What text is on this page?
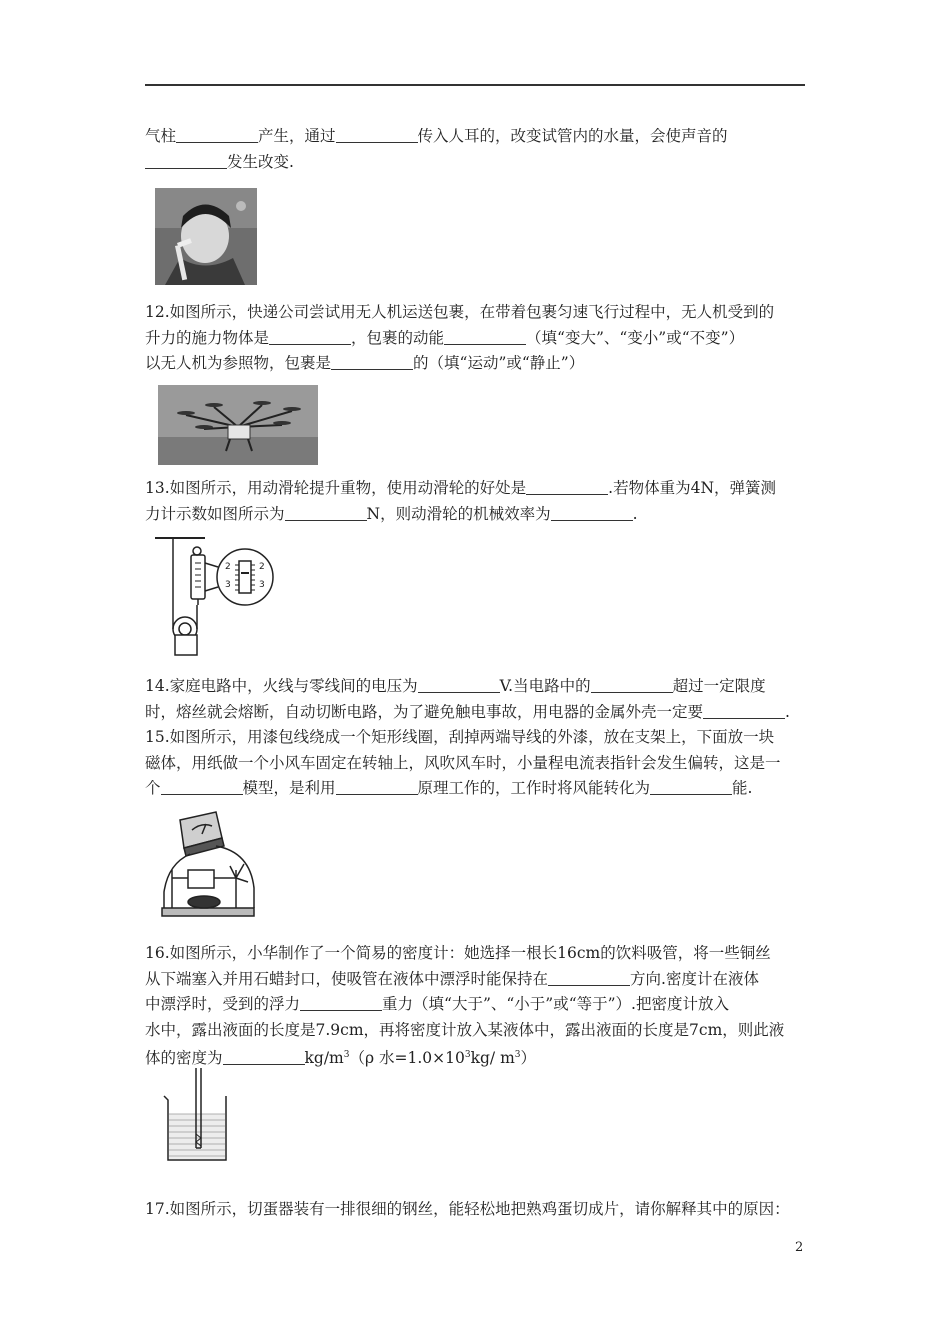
气柱	产生，通过	传入人耳的，改变试管内的水量，会使声音的
发生改变.
12.如图所示，快递公司尝试用无人机运送包裹，在带着包裹匀速飞行过程中，无人机受到的
升力的施力物体是	，包裹的动能	（填“变大”、“变小”或“不变”）
以无人机为参照物，包裹是	的（填“运动”或“静止”）
13.如图所示，用动滑轮提升重物，使用动滑轮的好处是	.若物体重为4N，弹簧测
力计示数如图所示为	N，则动滑轮的机械效率为	.
2
3
2
3
14.家庭电路中，火线与零线间的电压为	V.当电路中的	超过一定限度
时，熔丝就会熔断，自动切断电路，为了避免触电事故，用电器的金属外壳一定要	.
15.如图所示，用漆包线绕成一个矩形线圈，刮掉两端导线的外漆，放在支架上，下面放一块
磁体，用纸做一个小风车固定在转轴上，风吹风车时，小量程电流表指针会发生偏转，这是一
个	模型，是利用	原理工作的，工作时将风能转化为	能.
16.如图所示，小华制作了一个简易的密度计：她选择一根长16cm的饮料吸管，将一些铜丝
从下端塞入并用石蜡封口，使吸管在液体中漂浮时能保持在	方向.密度计在液体
中漂浮时，受到的浮力	重力（填“大于”、“小于”或“等于”）.把密度计放入
水中，露出液面的长度是7.9cm，再将密度计放入某液体中，露出液面的长度是7cm，则此液
体的密度为	$kg/m^3(\rho$ 水$=1.0\times 10^3kg/$ $m^3$）
17.如图所示，切蛋器装有一排很细的钢丝，能轻松地把熟鸡蛋切成片，请你解释其中的原因：
2
